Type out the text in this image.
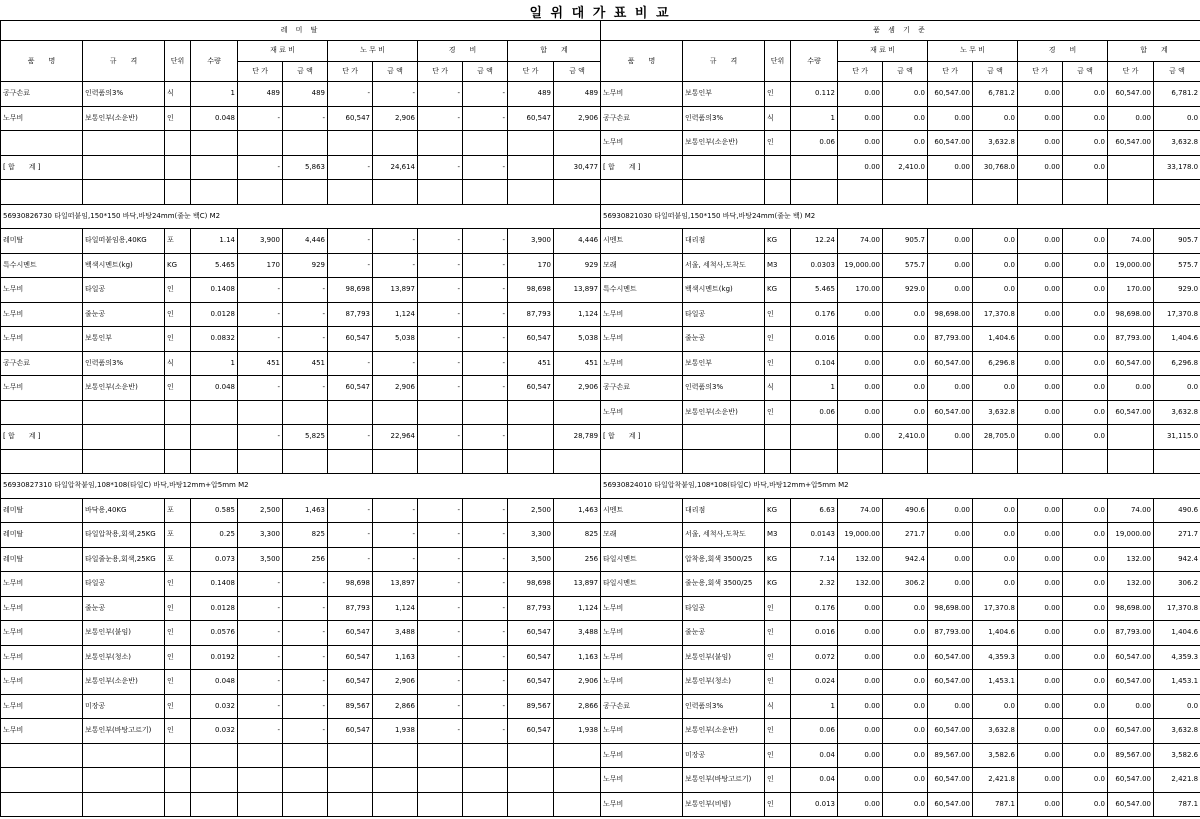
일 위 대 가 표 비 교
레 미 탈											
품　　명	규　　격	단위	수량	재 료 비		노 무 비		경　　비		합　　계	
				단 가	금 액	단 가	금 액	단 가	금 액	단 가	금 액
공구손료	인력품의3%	식	1	489	489	-	-	-	-	489	489
노무비	보통인부(소운반)	인	0.048	-	-	60,547	2,906	-	-	60,547	2,906

[ 합　　계 ]				-	5,863	-	24,614	-	-		30,477

56930826730 타일떠붙임,150*150 바닥,바탕24mm(줄눈 백C) M2											
레미탈	타일떠붙임용,40KG	포	1.14	3,900	4,446	-	-	-	-	3,900	4,446
특수시멘트	백색시멘트(kg)	KG	5.465	170	929	-	-	-	-	170	929
노무비	타일공	인	0.1408	-	-	98,698	13,897	-	-	98,698	13,897
노무비	줄눈공	인	0.0128	-	-	87,793	1,124	-	-	87,793	1,124
노무비	보통인부	인	0.0832	-	-	60,547	5,038	-	-	60,547	5,038
공구손료	인력품의3%	식	1	451	451	-	-	-	-	451	451
노무비	보통인부(소운반)	인	0.048	-	-	60,547	2,906	-	-	60,547	2,906

[ 합　　계 ]				-	5,825	-	22,964	-	-		28,789

56930827310 타일압착붙임,108*108(타일C) 바닥,바탕12mm+압5mm M2											
레미탈	바닥용,40KG	포	0.585	2,500	1,463	-	-	-	-	2,500	1,463
레미탈	타일압착용,회색,25KG	포	0.25	3,300	825	-	-	-	-	3,300	825
레미탈	타일줄눈용,회색,25KG	포	0.073	3,500	256	-	-	-	-	3,500	256
노무비	타일공	인	0.1408	-	-	98,698	13,897	-	-	98,698	13,897
노무비	줄눈공	인	0.0128	-	-	87,793	1,124	-	-	87,793	1,124
노무비	보통인부(붙임)	인	0.0576	-	-	60,547	3,488	-	-	60,547	3,488
노무비	보통인부(청소)	인	0.0192	-	-	60,547	1,163	-	-	60,547	1,163
노무비	보통인부(소운반)	인	0.048	-	-	60,547	2,906	-	-	60,547	2,906
노무비	미장공	인	0.032	-	-	89,567	2,866	-	-	89,567	2,866
노무비	보통인부(바탕고르기)	인	0.032	-	-	60,547	1,938	-	-	60,547	1,938

품 셈 기 준											
품　　명	규　　격	단위	수량	재 료 비		노 무 비		경　　비		합　　계	
				단 가	금 액	단 가	금 액	단 가	금 액	단 가	금 액
노무비	보통인부	인	0.112	0.00	0.0	60,547.00	6,781.2	0.00	0.0	60,547.00	6,781.2
공구손료	인력품의3%	식	1	0.00	0.0	0.00	0.0	0.00	0.0	0.00	0.0
노무비	보통인부(소운반)	인	0.06	0.00	0.0	60,547.00	3,632.8	0.00	0.0	60,547.00	3,632.8
[ 합　　계 ]				0.00	2,410.0	0.00	30,768.0	0.00	0.0		33,178.0

56930821030 타일떠붙임,150*150 바닥,바탕24mm(줄눈 백) M2											
시멘트	대리점	KG	12.24	74.00	905.7	0.00	0.0	0.00	0.0	74.00	905.7
모래	서울, 세척사,도착도	M3	0.0303	19,000.00	575.7	0.00	0.0	0.00	0.0	19,000.00	575.7
특수시멘트	백색시멘트(kg)	KG	5.465	170.00	929.0	0.00	0.0	0.00	0.0	170.00	929.0
노무비	타일공	인	0.176	0.00	0.0	98,698.00	17,370.8	0.00	0.0	98,698.00	17,370.8
노무비	줄눈공	인	0.016	0.00	0.0	87,793.00	1,404.6	0.00	0.0	87,793.00	1,404.6
노무비	보통인부	인	0.104	0.00	0.0	60,547.00	6,296.8	0.00	0.0	60,547.00	6,296.8
공구손료	인력품의3%	식	1	0.00	0.0	0.00	0.0	0.00	0.0	0.00	0.0
노무비	보통인부(소운반)	인	0.06	0.00	0.0	60,547.00	3,632.8	0.00	0.0	60,547.00	3,632.8
[ 합　　계 ]				0.00	2,410.0	0.00	28,705.0	0.00	0.0		31,115.0

56930824010 타일압착붙임,108*108(타일C) 바닥,바탕12mm+압5mm M2											
시멘트	대리점	KG	6.63	74.00	490.6	0.00	0.0	0.00	0.0	74.00	490.6
모래	서울, 세척사,도착도	M3	0.0143	19,000.00	271.7	0.00	0.0	0.00	0.0	19,000.00	271.7
타일시멘트	압착용,회색 3500/25	KG	7.14	132.00	942.4	0.00	0.0	0.00	0.0	132.00	942.4
타일시멘트	줄눈용,회색 3500/25	KG	2.32	132.00	306.2	0.00	0.0	0.00	0.0	132.00	306.2
노무비	타일공	인	0.176	0.00	0.0	98,698.00	17,370.8	0.00	0.0	98,698.00	17,370.8
노무비	줄눈공	인	0.016	0.00	0.0	87,793.00	1,404.6	0.00	0.0	87,793.00	1,404.6
노무비	보통인부(붙임)	인	0.072	0.00	0.0	60,547.00	4,359.3	0.00	0.0	60,547.00	4,359.3
노무비	보통인부(청소)	인	0.024	0.00	0.0	60,547.00	1,453.1	0.00	0.0	60,547.00	1,453.1
공구손료	인력품의3%	식	1	0.00	0.0	0.00	0.0	0.00	0.0	0.00	0.0
노무비	보통인부(소운반)	인	0.06	0.00	0.0	60,547.00	3,632.8	0.00	0.0	60,547.00	3,632.8
노무비	미장공	인	0.04	0.00	0.0	89,567.00	3,582.6	0.00	0.0	89,567.00	3,582.6
노무비	보통인부(바탕고르기)	인	0.04	0.00	0.0	60,547.00	2,421.8	0.00	0.0	60,547.00	2,421.8
노무비	보통인부(비빔)	인	0.013	0.00	0.0	60,547.00	787.1	0.00	0.0	60,547.00	787.1
